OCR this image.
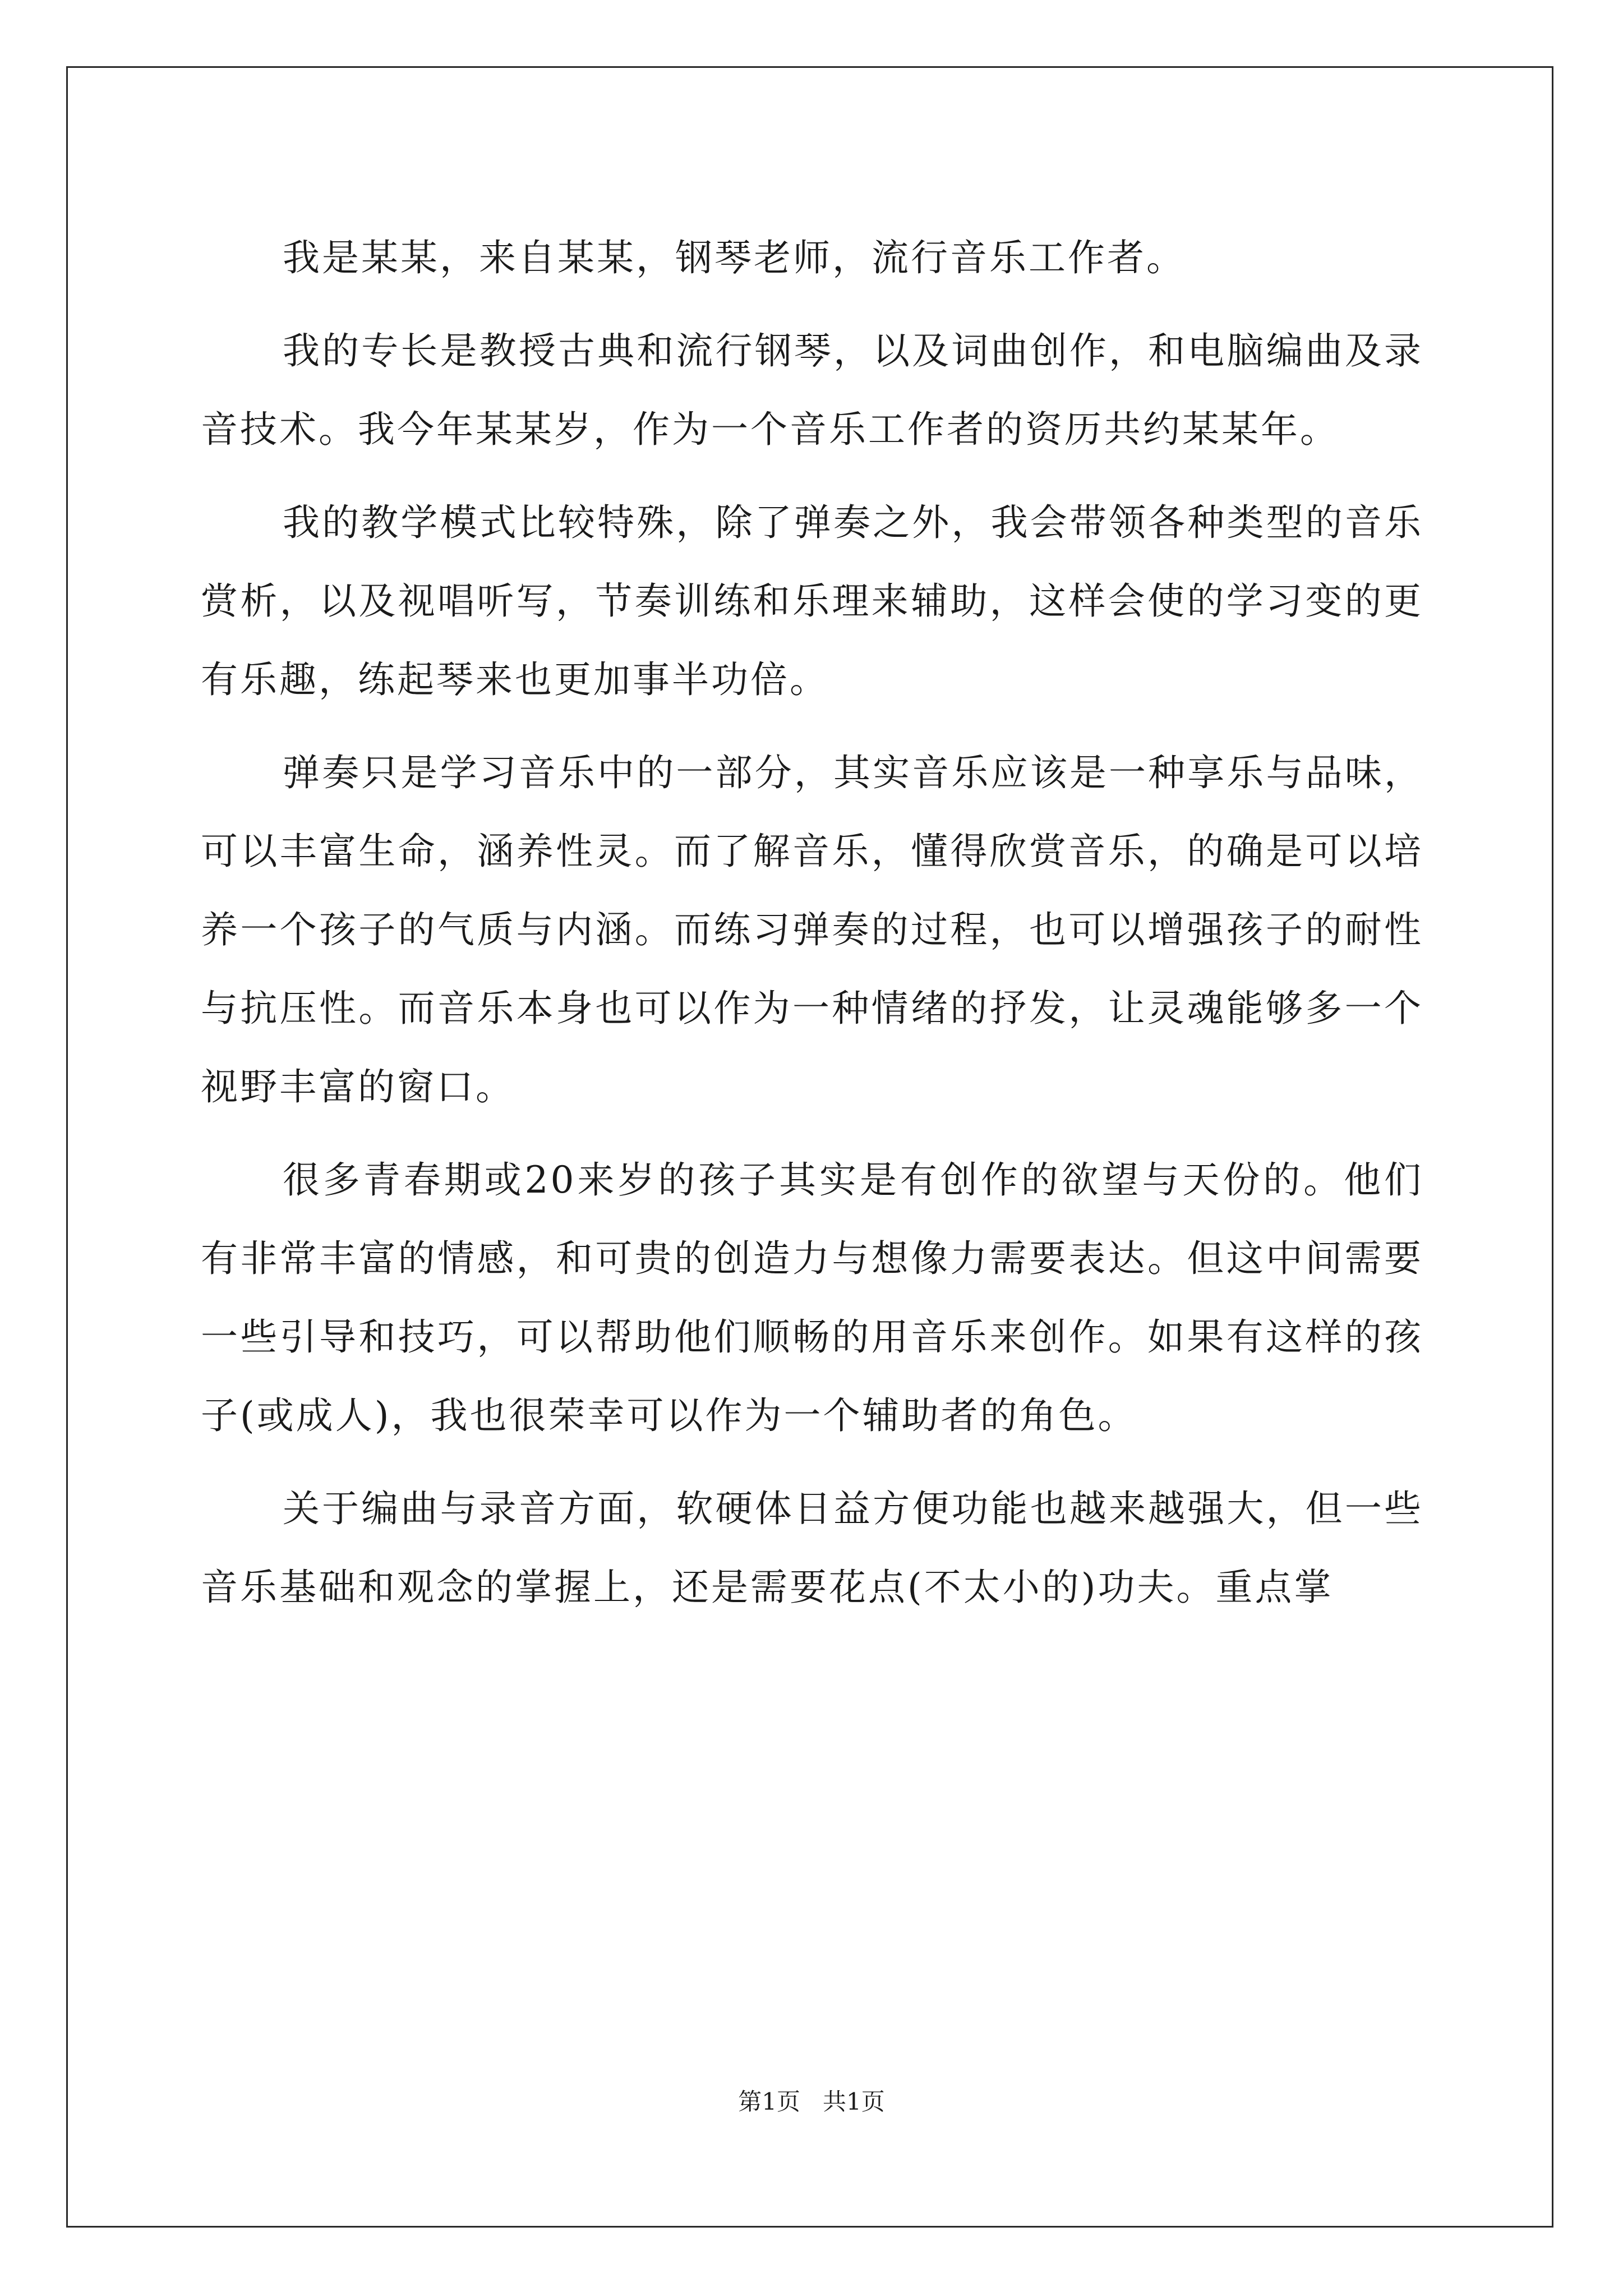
我是某某，来自某某，钢琴老师，流行音乐工作者。

我的专长是教授古典和流行钢琴，以及词曲创作，和电脑编曲及录音技术。我今年某某岁，作为一个音乐工作者的资历共约某某年。

我的教学模式比较特殊，除了弹奏之外，我会带领各种类型的音乐赏析，以及视唱听写，节奏训练和乐理来辅助，这样会使的学习变的更有乐趣，练起琴来也更加事半功倍。

弹奏只是学习音乐中的一部分，其实音乐应该是一种享乐与品味，可以丰富生命，涵养性灵。而了解音乐，懂得欣赏音乐，的确是可以培养一个孩子的气质与内涵。而练习弹奏的过程，也可以增强孩子的耐性与抗压性。而音乐本身也可以作为一种情绪的抒发，让灵魂能够多一个视野丰富的窗口。

很多青春期或20来岁的孩子其实是有创作的欲望与天份的。他们有非常丰富的情感，和可贵的创造力与想像力需要表达。但这中间需要一些引导和技巧，可以帮助他们顺畅的用音乐来创作。如果有这样的孩子(或成人)，我也很荣幸可以作为一个辅助者的角色。

关于编曲与录音方面，软硬体日益方便功能也越来越强大，但一些音乐基础和观念的掌握上，还是需要花点(不太小的)功夫。重点掌

第1页 共1页
